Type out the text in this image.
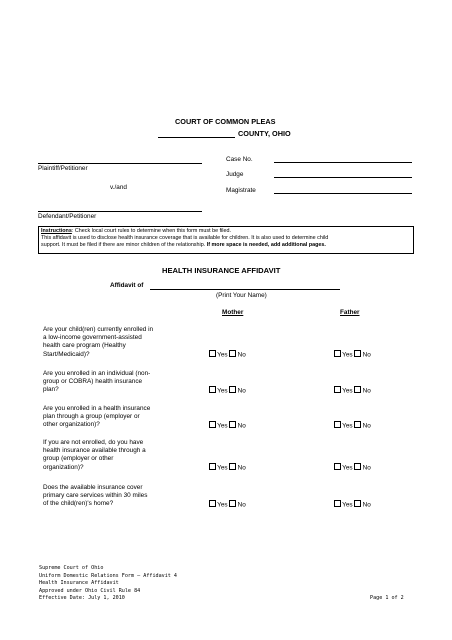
COURT OF COMMON PLEAS
COUNTY, OHIO
Plaintiff/Petitioner
v./and
Defendant/Petitioner
Case No.
Judge
Magistrate
Instructions: Check local court rules to determine when this form must be filed.
This affidavit is used to disclose health insurance coverage that is available for children. It is also used to determine child
support. It must be filed if there are minor children of the relationship. If more space is needed, add additional pages.
HEALTH INSURANCE AFFIDAVIT
Affidavit of
(Print Your Name)
Mother	Father
Are your child(ren) currently enrolled in
a low-income government-assisted
health care program (Healthy
Start/Medicaid)?	Yes No	Yes No
Are you enrolled in an individual (non-
group or COBRA) health insurance
plan?	Yes No	Yes No
Are you enrolled in a health insurance
plan through a group (employer or
other organization)?	Yes No	Yes No
If you are not enrolled, do you have
health insurance available through a
group (employer or other
organization)?	Yes No	Yes No
Does the available insurance cover
primary care services within 30 miles
of the child(ren)'s home?	Yes No	Yes No
Supreme Court of Ohio
Uniform Domestic Relations Form – Affidavit 4
Health Insurance Affidavit
Approved under Ohio Civil Rule 84
Effective Date: July 1, 2010	Page 1 of 2
